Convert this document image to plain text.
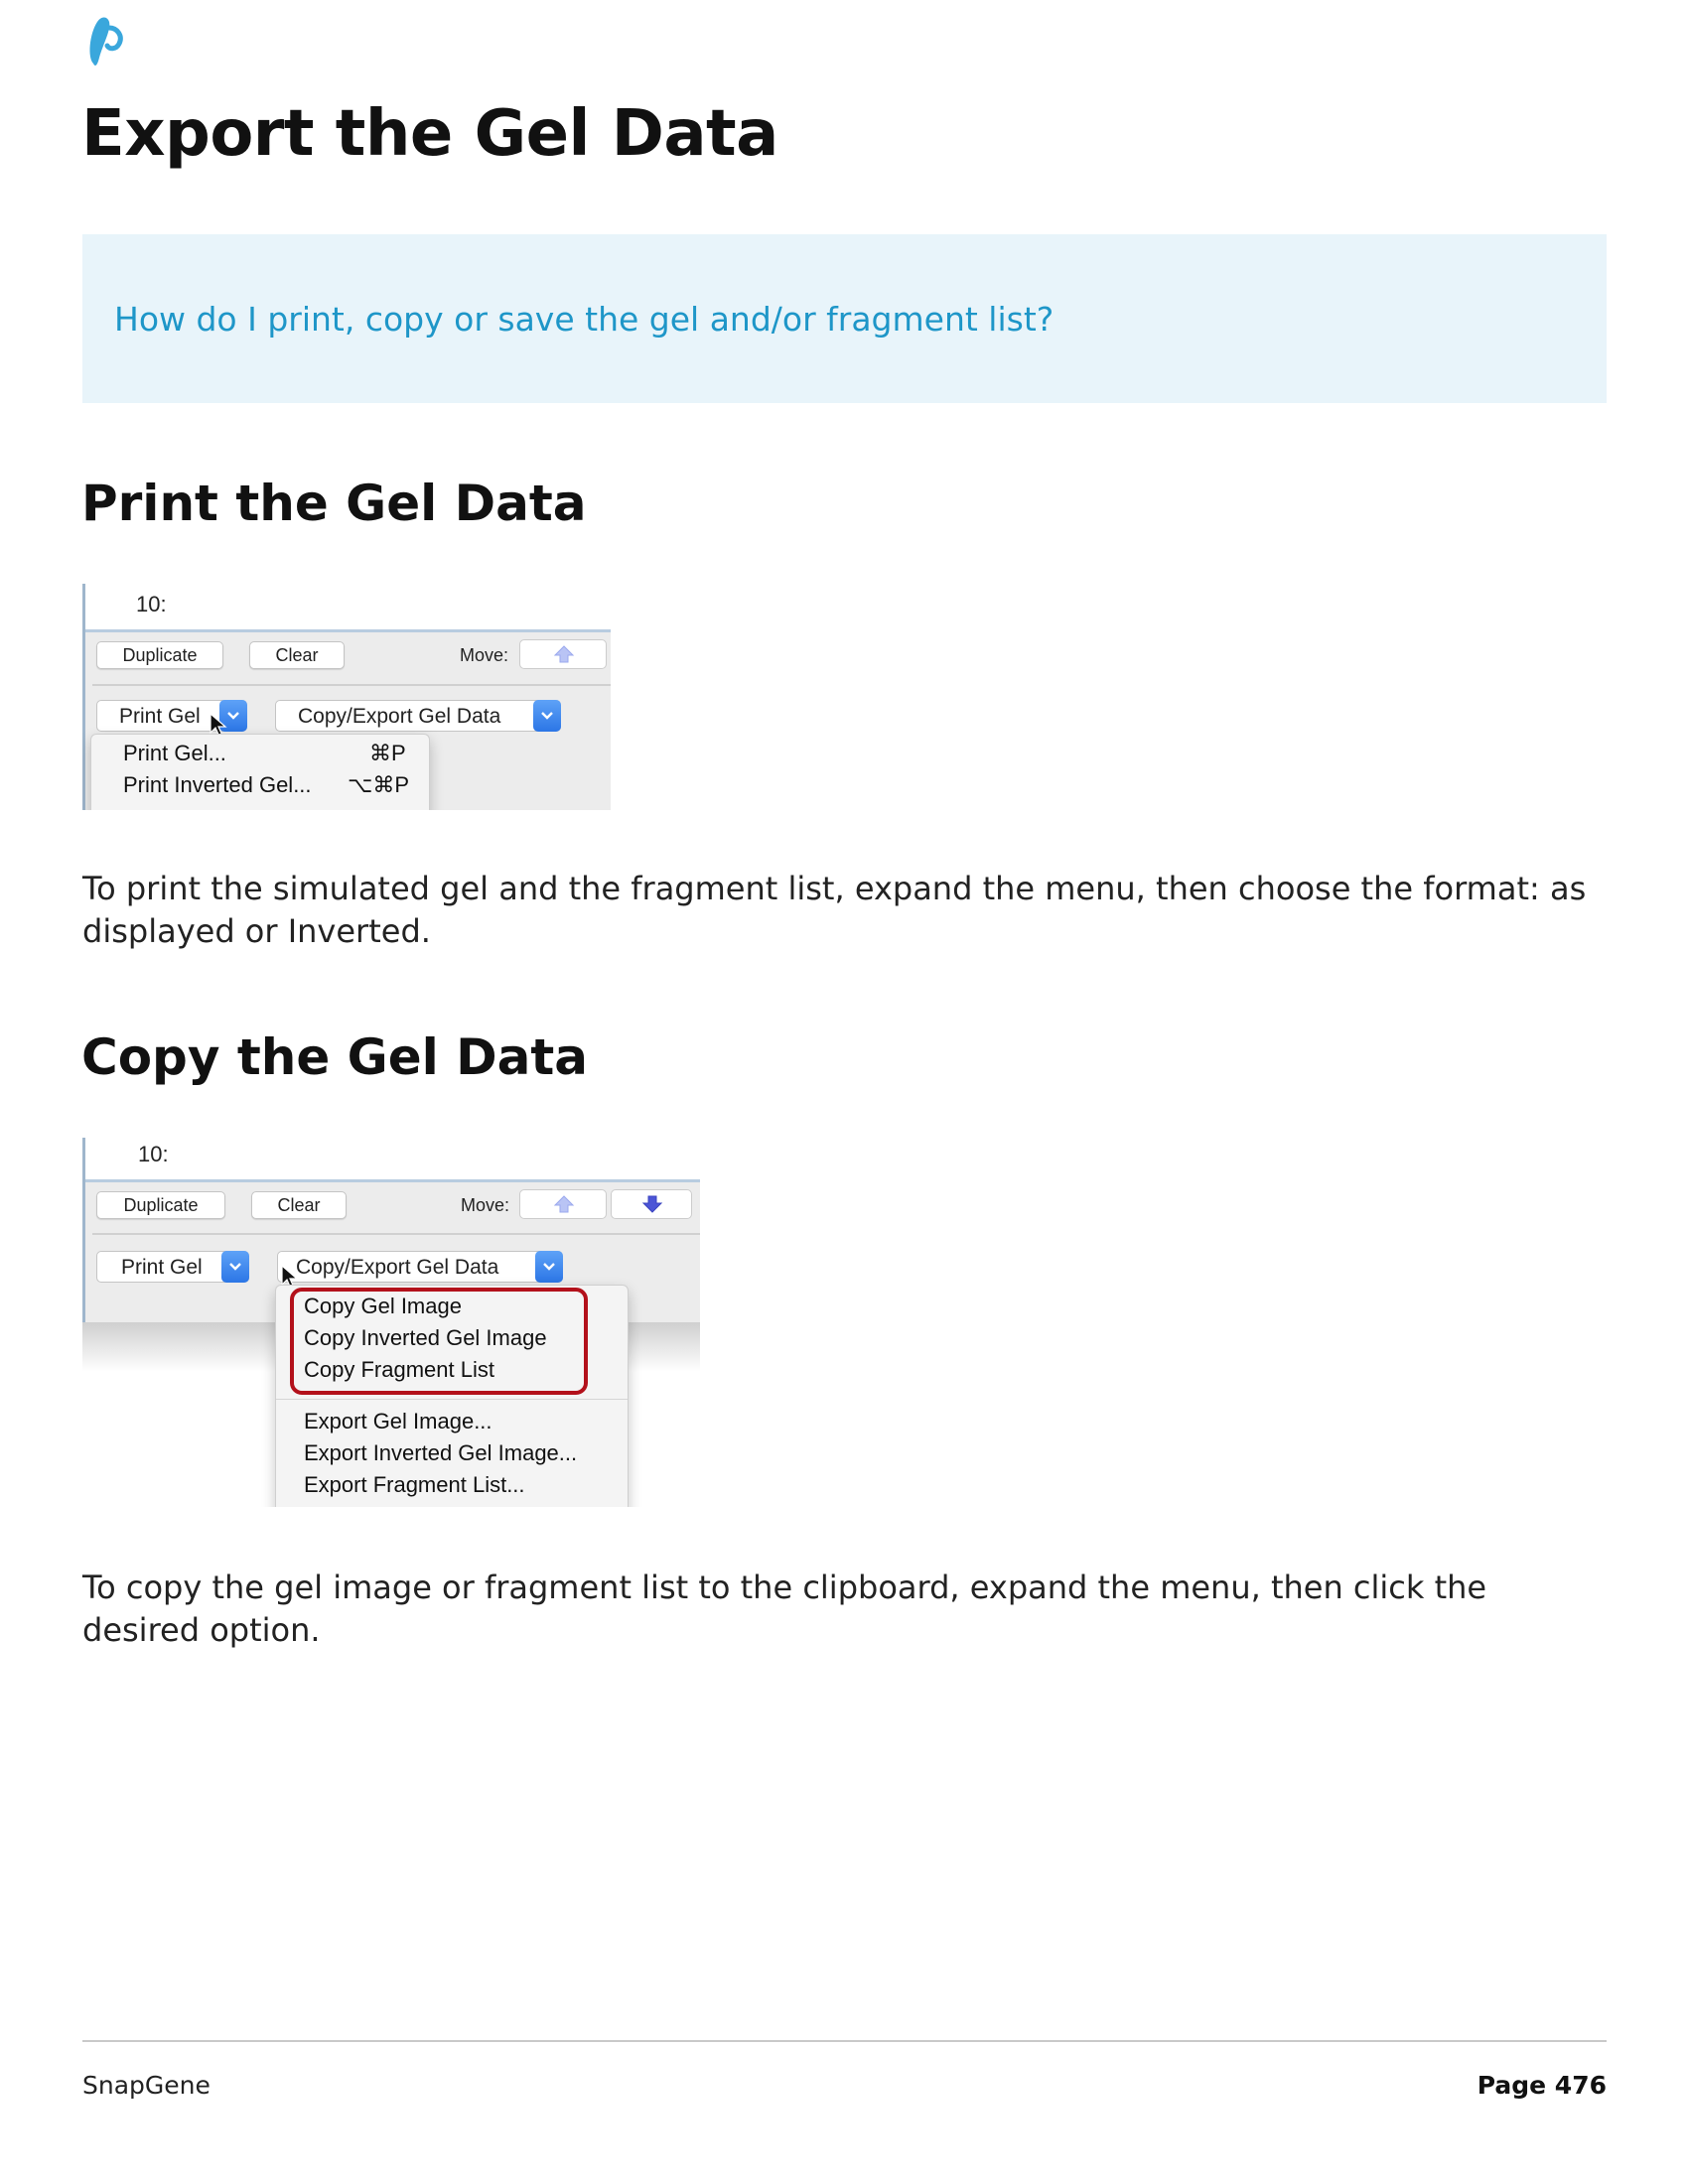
Export the Gel Data
How do I print, copy or save the gel and/or fragment list?
Print the Gel Data
10:
Duplicate	Clear	Move:
Print Gel	Copy/Export Gel Data
Print Gel...	⌘P
Print Inverted Gel... ⌥⌘P

To print the simulated gel and the fragment list, expand the menu, then choose the format: as displayed or Inverted.

Copy the Gel Data
10:
Duplicate	Clear	Move:
Print Gel	Copy/Export Gel Data
Copy Gel Image
Copy Inverted Gel Image
Copy Fragment List
Export Gel Image...
Export Inverted Gel Image...
Export Fragment List...

To copy the gel image or fragment list to the clipboard, expand the menu, then click the desired option.

SnapGene	Page 476
